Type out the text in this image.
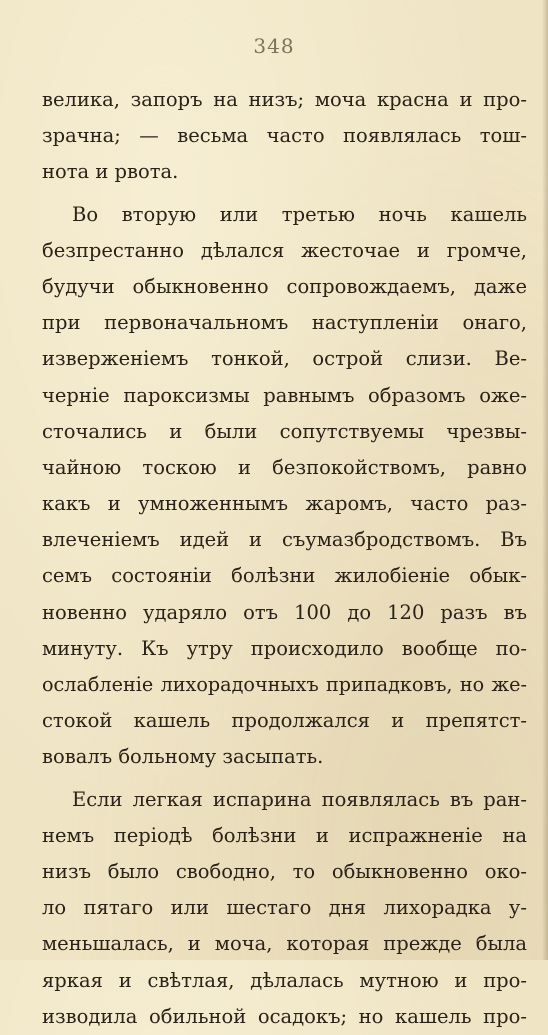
348
велика, запоръ на низъ; моча красна и про-
зрачна; — весьма часто появлялась тош-
нота и рвота.
Во вторую или третью ночь кашель
безпрестанно дѣлался жесточае и громче,
будучи обыкновенно сопровождаемъ, даже
при первоначальномъ наступленіи онаго,
изверженіемъ тонкой, острой слизи. Ве-
черніе пароксизмы равнымъ образомъ оже-
сточались и были сопутствуемы чрезвы-
чайною тоскою и безпокойствомъ, равно
какъ и умноженнымъ жаромъ, часто раз-
влеченіемъ идей и съумазбродствомъ. Въ
семъ состояніи болѣзни жилобіеніе обык-
новенно ударяло отъ 100 до 120 разъ въ
минуту. Къ утру происходило вообще по-
ослабленіе лихорадочныхъ припадковъ, но же-
стокой кашель продолжался и препятст-
вовалъ больному засыпать.
Если легкая испарина появлялась въ ран-
немъ періодѣ болѣзни и испражненіе на
низъ было свободно, то обыкновенно око-
ло пятаго или шестаго дня лихорадка у-
меньшалась, и моча, которая прежде была
яркая и свѣтлая, дѣлалась мутною и про-
изводила обильной осадокъ; но кашель про-
